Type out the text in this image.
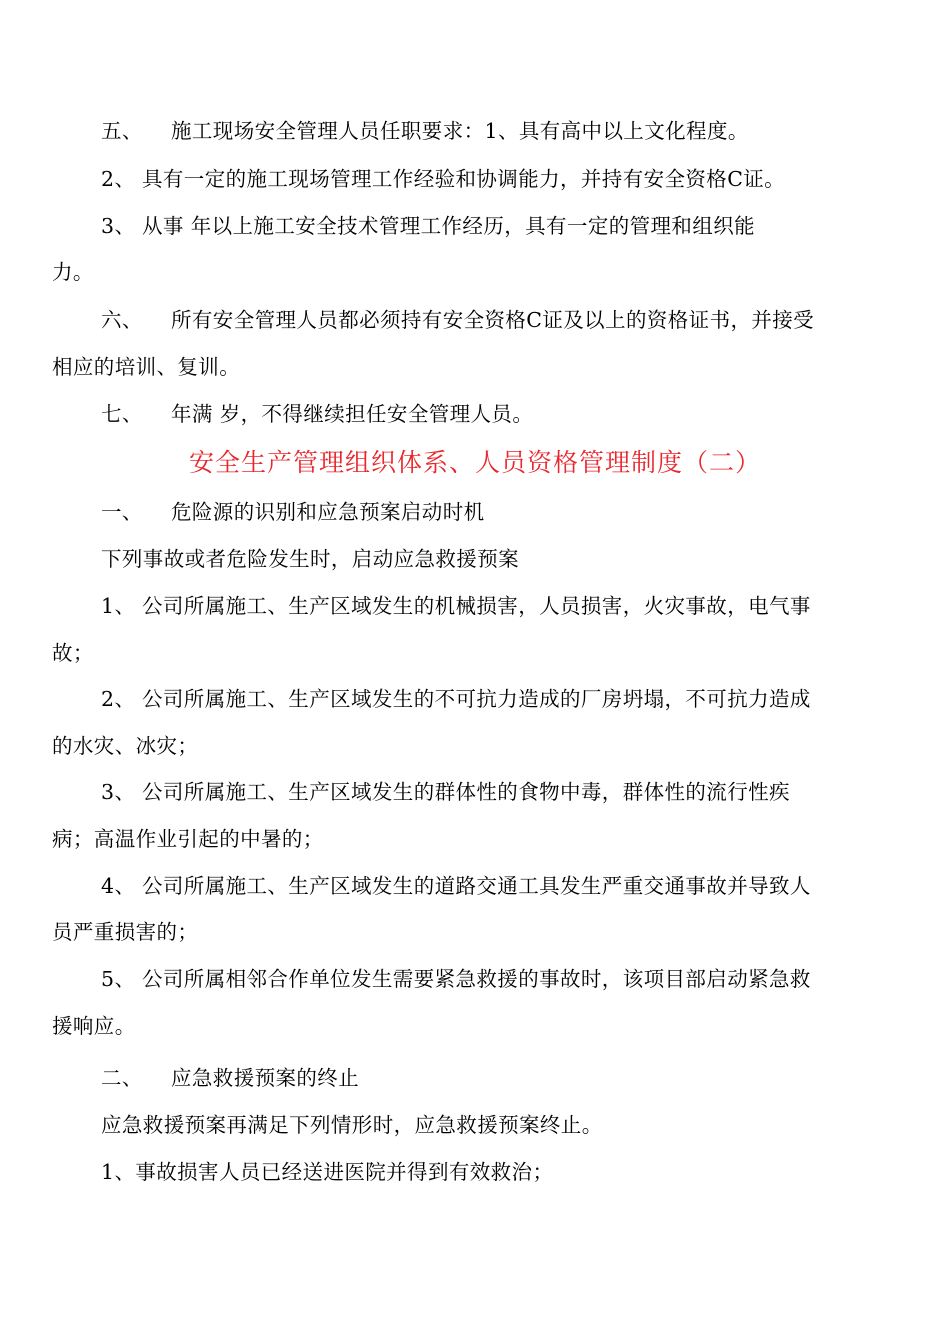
五、 施工现场安全管理人员任职要求：1、具有高中以上文化程度。
2、 具有一定的施工现场管理工作经验和协调能力，并持有安全资格C证。
3、 从事 年以上施工安全技术管理工作经历，具有一定的管理和组织能
力。
六、 所有安全管理人员都必须持有安全资格C证及以上的资格证书，并接受
相应的培训、复训。
七、 年满 岁，不得继续担任安全管理人员。
安全生产管理组织体系、人员资格管理制度（二）
一、 危险源的识别和应急预案启动时机
下列事故或者危险发生时，启动应急救援预案
1、 公司所属施工、生产区域发生的机械损害，人员损害，火灾事故，电气事
故；
2、 公司所属施工、生产区域发生的不可抗力造成的厂房坍塌，不可抗力造成
的水灾、冰灾；
3、 公司所属施工、生产区域发生的群体性的食物中毒，群体性的流行性疾
病；高温作业引起的中暑的；
4、 公司所属施工、生产区域发生的道路交通工具发生严重交通事故并导致人
员严重损害的；
5、 公司所属相邻合作单位发生需要紧急救援的事故时，该项目部启动紧急救
援响应。
二、 应急救援预案的终止
应急救援预案再满足下列情形时，应急救援预案终止。
1、事故损害人员已经送进医院并得到有效救治；
